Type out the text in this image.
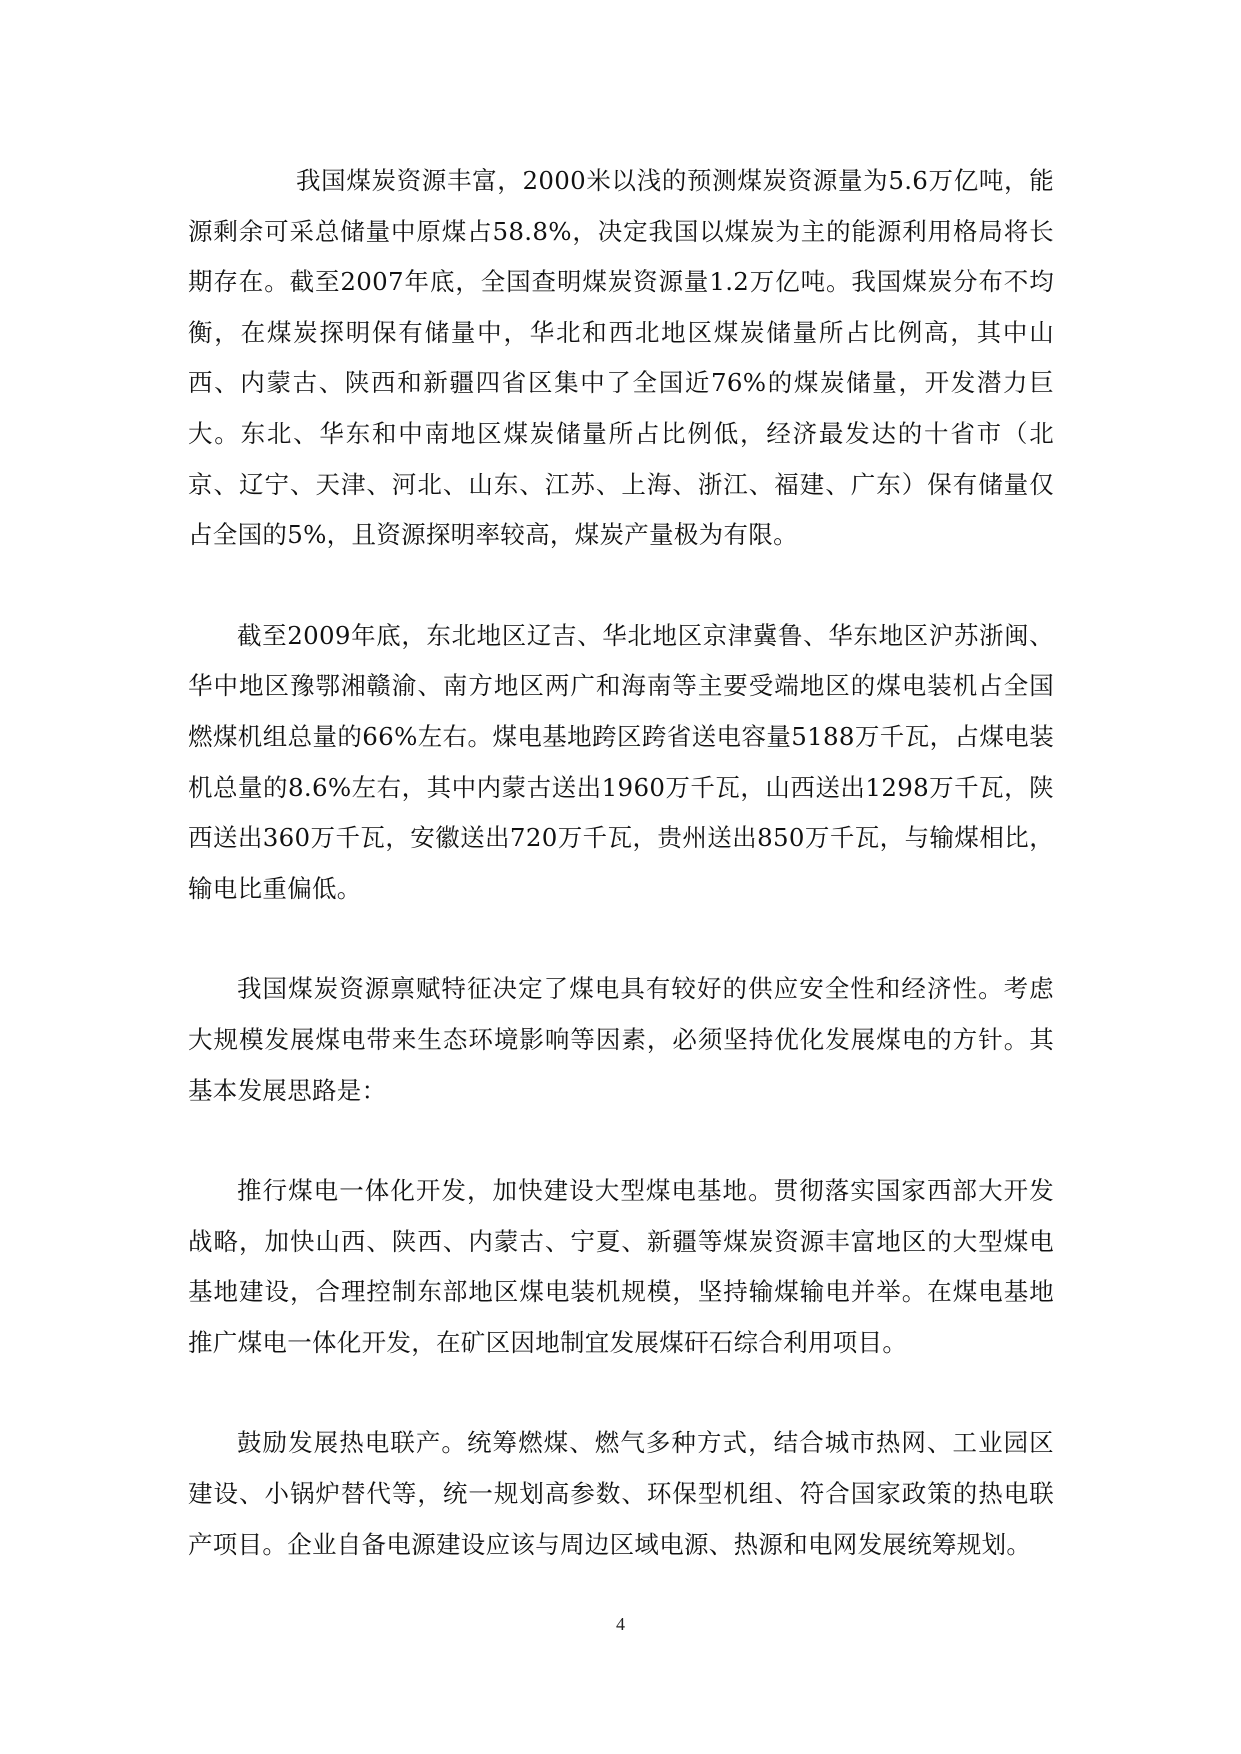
我国煤炭资源丰富，2000米以浅的预测煤炭资源量为5.6万亿吨，能源剩余可采总储量中原煤占58.8%，决定我国以煤炭为主的能源利用格局将长期存在。截至2007年底，全国查明煤炭资源量1.2万亿吨。我国煤炭分布不均衡，在煤炭探明保有储量中，华北和西北地区煤炭储量所占比例高，其中山西、内蒙古、陕西和新疆四省区集中了全国近76%的煤炭储量，开发潜力巨大。东北、华东和中南地区煤炭储量所占比例低，经济最发达的十省市（北京、辽宁、天津、河北、山东、江苏、上海、浙江、福建、广东）保有储量仅占全国的5%，且资源探明率较高，煤炭产量极为有限。

截至2009年底，东北地区辽吉、华北地区京津冀鲁、华东地区沪苏浙闽、华中地区豫鄂湘赣渝、南方地区两广和海南等主要受端地区的煤电装机占全国燃煤机组总量的66%左右。煤电基地跨区跨省送电容量5188万千瓦，占煤电装机总量的8.6%左右，其中内蒙古送出1960万千瓦，山西送出1298万千瓦，陕西送出360万千瓦，安徽送出720万千瓦，贵州送出850万千瓦，与输煤相比，输电比重偏低。

我国煤炭资源禀赋特征决定了煤电具有较好的供应安全性和经济性。考虑大规模发展煤电带来生态环境影响等因素，必须坚持优化发展煤电的方针。其基本发展思路是：

推行煤电一体化开发，加快建设大型煤电基地。贯彻落实国家西部大开发战略，加快山西、陕西、内蒙古、宁夏、新疆等煤炭资源丰富地区的大型煤电基地建设，合理控制东部地区煤电装机规模，坚持输煤输电并举。在煤电基地推广煤电一体化开发，在矿区因地制宜发展煤矸石综合利用项目。

鼓励发展热电联产。统筹燃煤、燃气多种方式，结合城市热网、工业园区建设、小锅炉替代等，统一规划高参数、环保型机组、符合国家政策的热电联产项目。企业自备电源建设应该与周边区域电源、热源和电网发展统筹规划。

4
